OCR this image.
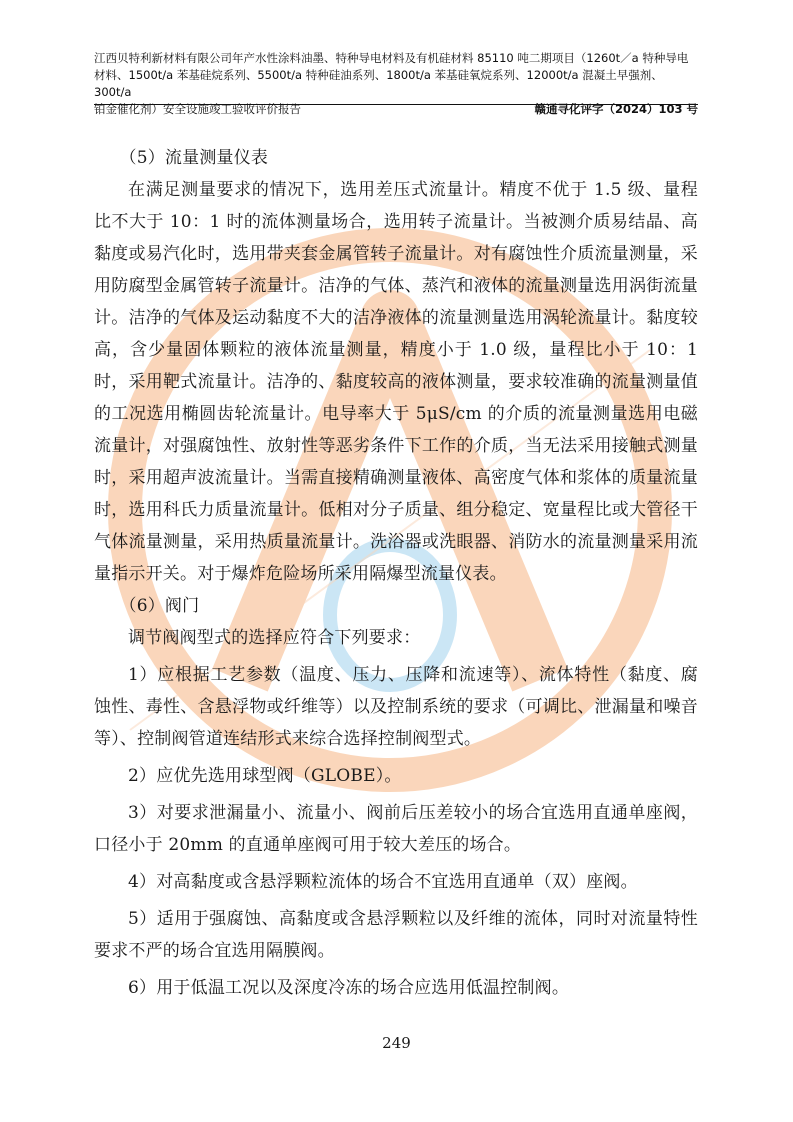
江西贝特利新材料有限公司年产水性涂料油墨、特种导电材料及有机硅材料 85110 吨二期项目（1260t／a 特种导电
材料、1500t/a 苯基硅烷系列、5500t/a 特种硅油系列、1800t/a 苯基硅氧烷系列、12000t/a 混凝土早强剂、300t/a
铂金催化剂）安全设施竣工验收评价报告	赣通寻化评字（2024）103 号

（5）流量测量仪表

在满足测量要求的情况下，选用差压式流量计。精度不优于 1.5 级、量程比不大于 10：1 时的流体测量场合，选用转子流量计。当被测介质易结晶、高黏度或易汽化时，选用带夹套金属管转子流量计。对有腐蚀性介质流量测量，采用防腐型金属管转子流量计。洁净的气体、蒸汽和液体的流量测量选用涡街流量计。洁净的气体及运动黏度不大的洁净液体的流量测量选用涡轮流量计。黏度较高，含少量固体颗粒的液体流量测量，精度小于 1.0 级，量程比小于 10：1 时，采用靶式流量计。洁净的、黏度较高的液体测量，要求较准确的流量测量值的工况选用椭圆齿轮流量计。电导率大于 5μS/cm 的介质的流量测量选用电磁流量计，对强腐蚀性、放射性等恶劣条件下工作的介质，当无法采用接触式测量时，采用超声波流量计。当需直接精确测量液体、高密度气体和浆体的质量流量时，选用科氏力质量流量计。低相对分子质量、组分稳定、宽量程比或大管径干气体流量测量，采用热质量流量计。洗浴器或洗眼器、消防水的流量测量采用流量指示开关。对于爆炸危险场所采用隔爆型流量仪表。

（6）阀门

调节阀阀型式的选择应符合下列要求：

1）应根据工艺参数（温度、压力、压降和流速等）、流体特性（黏度、腐蚀性、毒性、含悬浮物或纤维等）以及控制系统的要求（可调比、泄漏量和噪音等）、控制阀管道连结形式来综合选择控制阀型式。

2）应优先选用球型阀（GLOBE）。

3）对要求泄漏量小、流量小、阀前后压差较小的场合宜选用直通单座阀，口径小于 20mm 的直通单座阀可用于较大差压的场合。

4）对高黏度或含悬浮颗粒流体的场合不宜选用直通单（双）座阀。

5）适用于强腐蚀、高黏度或含悬浮颗粒以及纤维的流体，同时对流量特性要求不严的场合宜选用隔膜阀。

6）用于低温工况以及深度冷冻的场合应选用低温控制阀。

249
